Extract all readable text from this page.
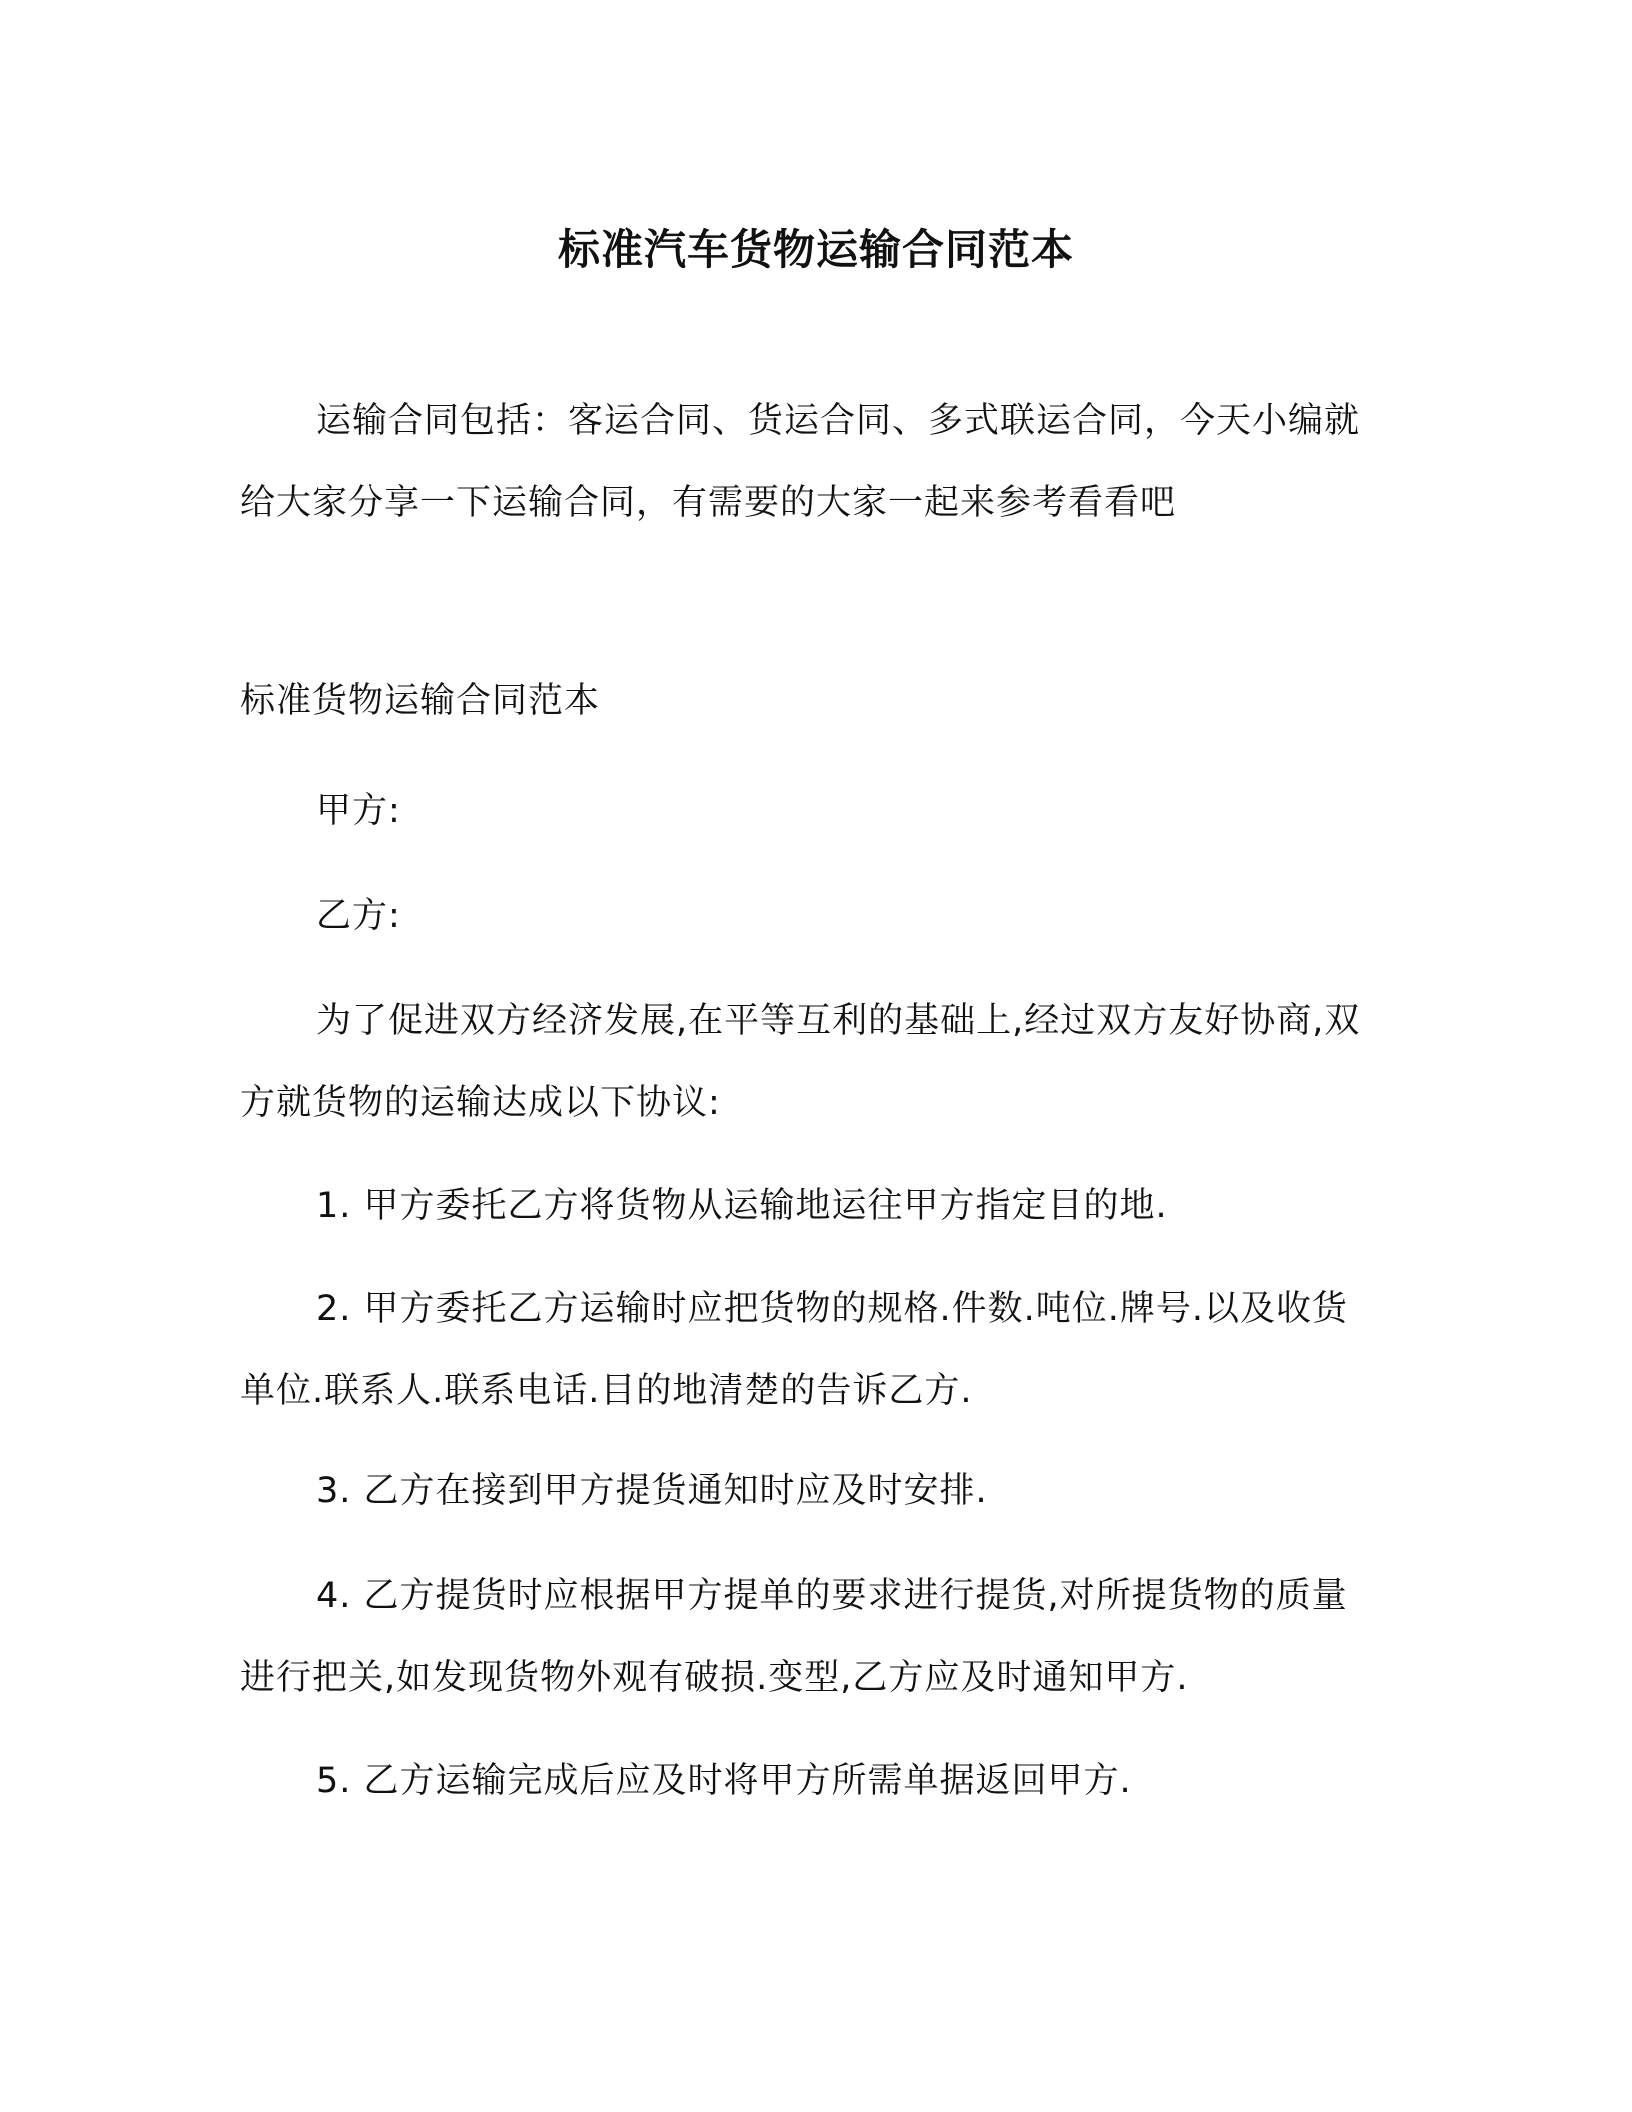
标准汽车货物运输合同范本
运输合同包括：客运合同、货运合同、多式联运合同，今天小编就给大家分享一下运输合同，有需要的大家一起来参考看看吧
标准货物运输合同范本
甲方:
乙方:
为了促进双方经济发展,在平等互利的基础上,经过双方友好协商,双方就货物的运输达成以下协议:
1. 甲方委托乙方将货物从运输地运往甲方指定目的地.
2. 甲方委托乙方运输时应把货物的规格.件数.吨位.牌号.以及收货单位.联系人.联系电话.目的地清楚的告诉乙方.
3. 乙方在接到甲方提货通知时应及时安排.
4. 乙方提货时应根据甲方提单的要求进行提货,对所提货物的质量进行把关,如发现货物外观有破损.变型,乙方应及时通知甲方.
5. 乙方运输完成后应及时将甲方所需单据返回甲方.
